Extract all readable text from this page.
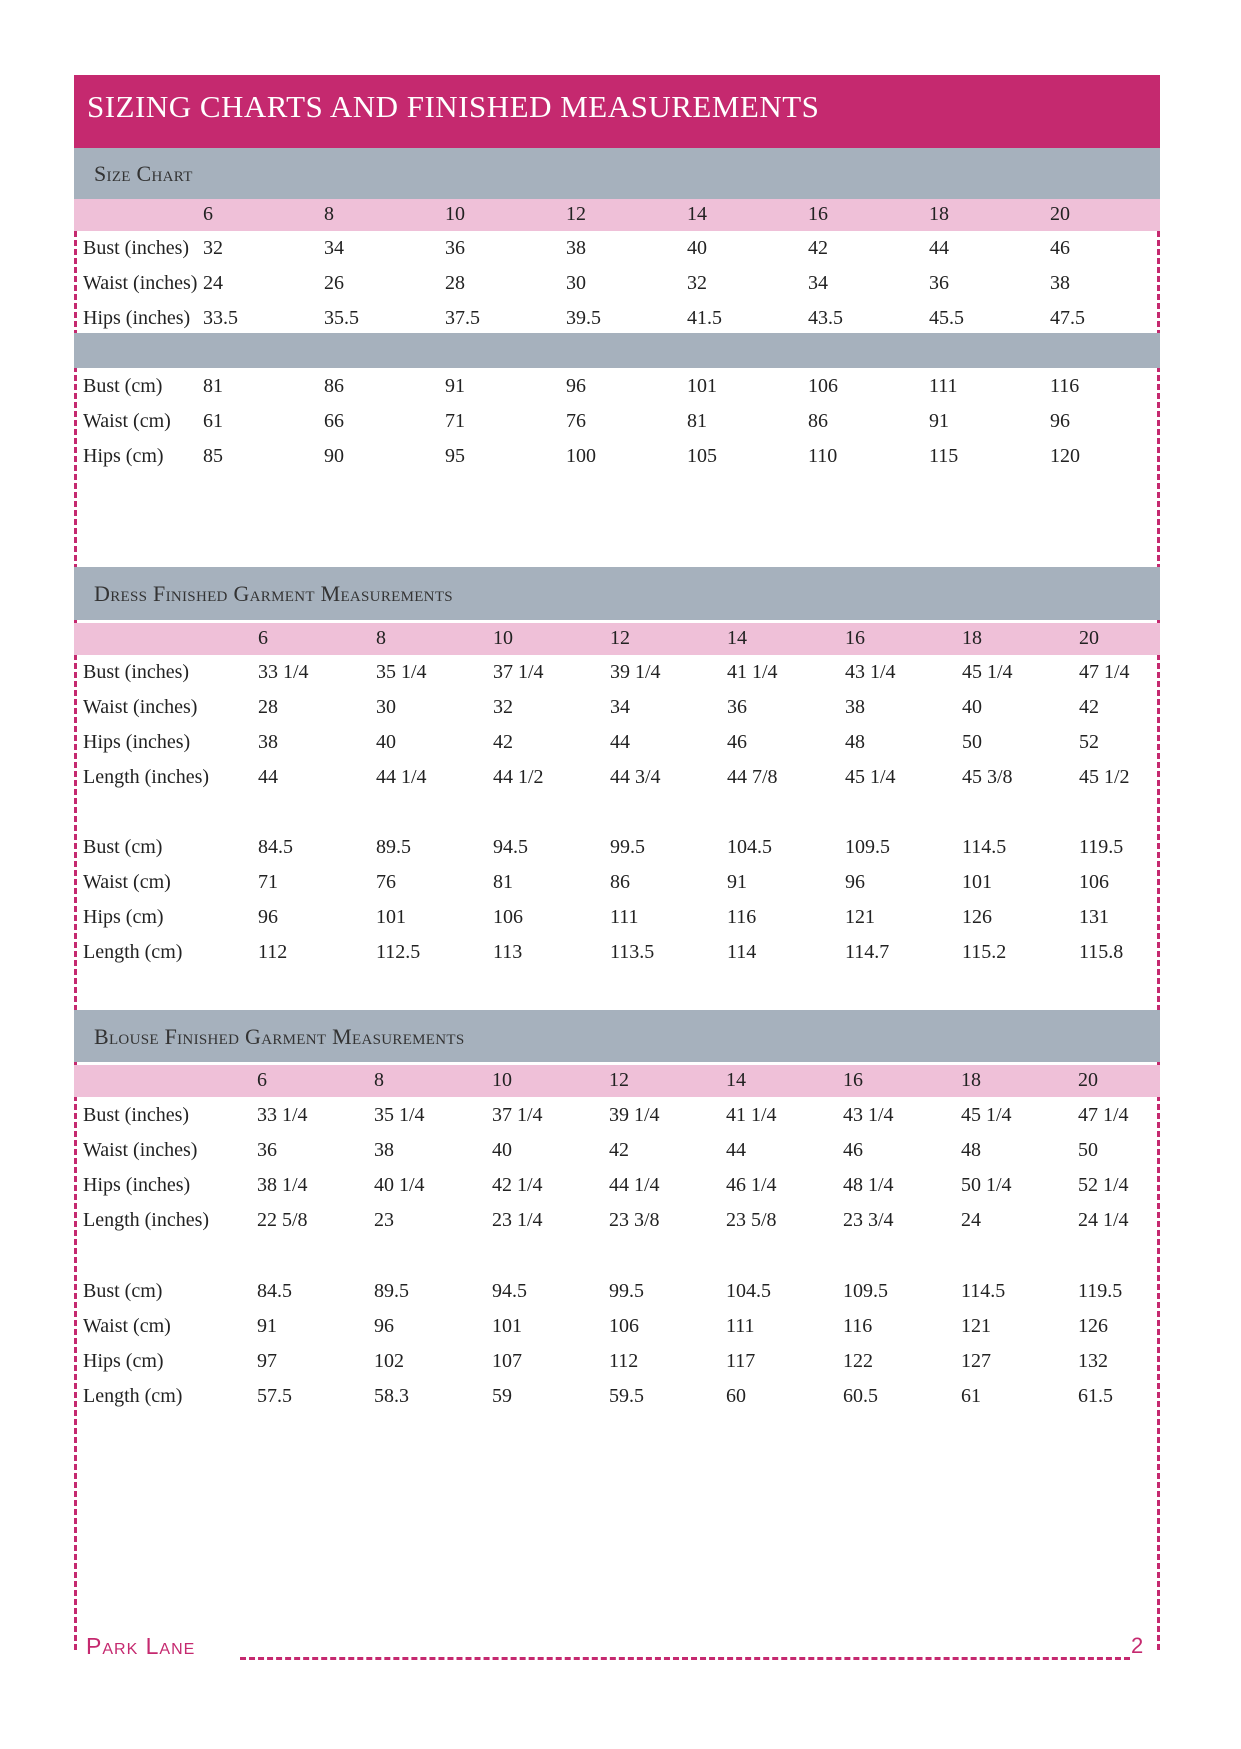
SIZING CHARTS AND FINISHED MEASUREMENTS
Size Chart
6	8	10	12	14	16	18	20
Bust (inches) 32	34	36	38	40	42	44	46
Waist (inches) 24	26	28	30	32	34	36	38
Hips (inches) 33.5	35.5	37.5	39.5	41.5	43.5	45.5	47.5
Bust (cm) 81	86	91	96	101	106	111	116
Waist (cm) 61	66	71	76	81	86	91	96
Hips (cm) 85	90	95	100	105	110	115	120
Dress Finished Garment Measurements
6	8	10	12	14	16	18	20
Bust (inches)	33 1/4	35 1/4	37 1/4	39 1/4	41 1/4	43 1/4	45 1/4	47 1/4
Waist (inches)	28	30	32	34	36	38	40	42
Hips (inches)	38	40	42	44	46	48	50	52
Length (inches) 44	44 1/4	44 1/2	44 3/4	44 7/8	45 1/4	45 3/8	45 1/2
Bust (cm)	84.5	89.5	94.5	99.5	104.5	109.5	114.5	119.5
Waist (cm)	71	76	81	86	91	96	101	106
Hips (cm)	96	101	106	111	116	121	126	131
Length (cm)	112	112.5	113	113.5	114	114.7	115.2	115.8
Blouse Finished Garment Measurements
6	8	10	12	14	16	18	20
Bust (inches)	33 1/4	35 1/4	37 1/4	39 1/4	41 1/4	43 1/4	45 1/4	47 1/4
Waist (inches)	36	38	40	42	44	46	48	50
Hips (inches)	38 1/4	40 1/4	42 1/4	44 1/4	46 1/4	48 1/4	50 1/4	52 1/4
Length (inches) 22 5/8	23	23 1/4	23 3/8	23 5/8	23 3/4	24	24 1/4
Bust (cm)	84.5	89.5	94.5	99.5	104.5	109.5	114.5	119.5
Waist (cm)	91	96	101	106	111	116	121	126
Hips (cm)	97	102	107	112	117	122	127	132
Length (cm)	57.5	58.3	59	59.5	60	60.5	61	61.5
Park Lane	2
